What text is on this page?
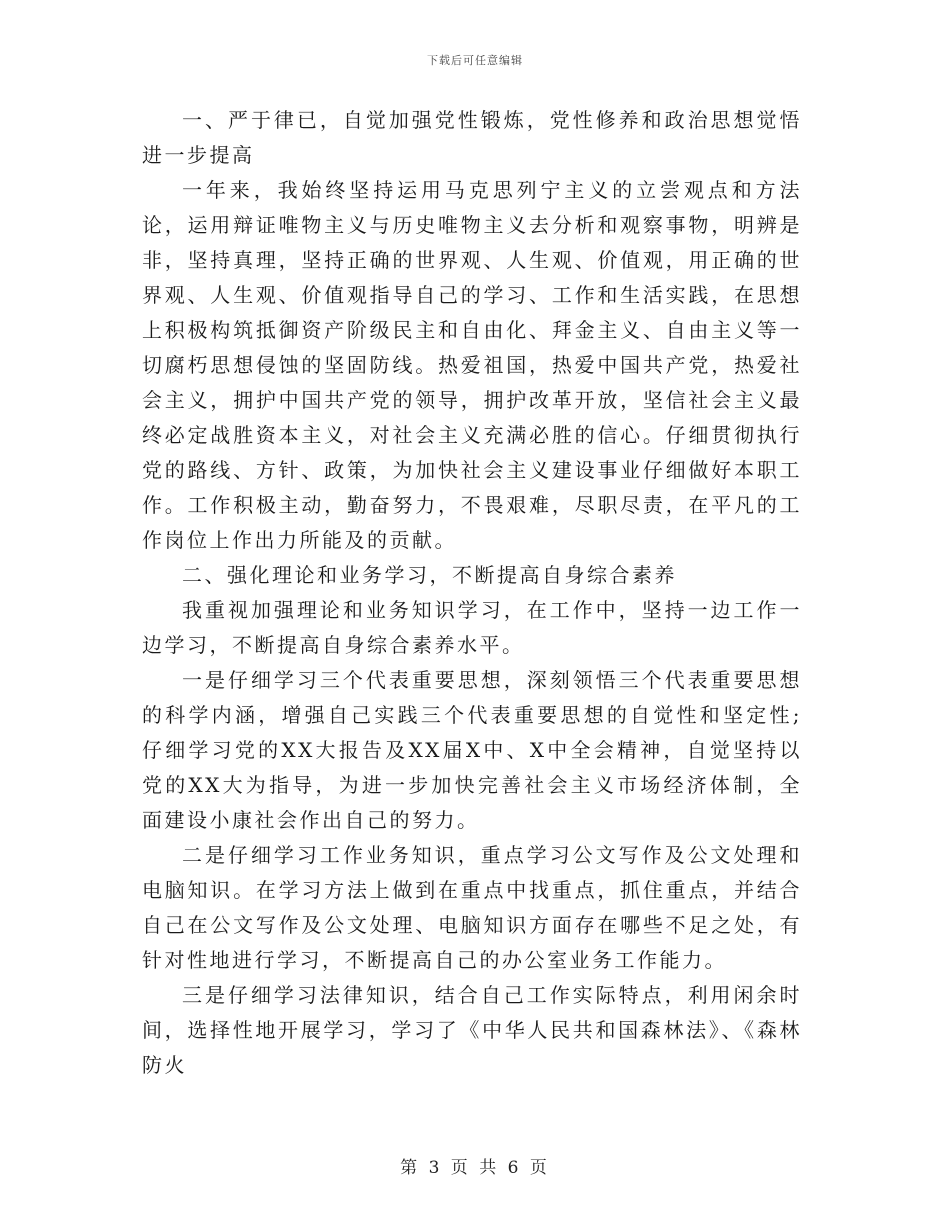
下载后可任意编辑

一、严于律已，自觉加强党性锻炼，党性修养和政治思想觉悟进一步提高

一年来，我始终坚持运用马克思列宁主义的立尝观点和方法论，运用辩证唯物主义与历史唯物主义去分析和观察事物，明辨是非，坚持真理，坚持正确的世界观、人生观、价值观，用正确的世界观、人生观、价值观指导自己的学习、工作和生活实践，在思想上积极构筑抵御资产阶级民主和自由化、拜金主义、自由主义等一切腐朽思想侵蚀的坚固防线。热爱祖国，热爱中国共产党，热爱社会主义，拥护中国共产党的领导，拥护改革开放，坚信社会主义最终必定战胜资本主义，对社会主义充满必胜的信心。仔细贯彻执行党的路线、方针、政策，为加快社会主义建设事业仔细做好本职工作。工作积极主动，勤奋努力，不畏艰难，尽职尽责，在平凡的工作岗位上作出力所能及的贡献。

二、强化理论和业务学习，不断提高自身综合素养

我重视加强理论和业务知识学习，在工作中，坚持一边工作一边学习，不断提高自身综合素养水平。

一是仔细学习三个代表重要思想，深刻领悟三个代表重要思想的科学内涵，增强自己实践三个代表重要思想的自觉性和坚定性;仔细学习党的XX大报告及XX届X中、X中全会精神，自觉坚持以党的XX大为指导，为进一步加快完善社会主义市场经济体制，全面建设小康社会作出自己的努力。

二是仔细学习工作业务知识，重点学习公文写作及公文处理和电脑知识。在学习方法上做到在重点中找重点，抓住重点，并结合自己在公文写作及公文处理、电脑知识方面存在哪些不足之处，有针对性地进行学习，不断提高自己的办公室业务工作能力。

三是仔细学习法律知识，结合自己工作实际特点，利用闲余时间，选择性地开展学习，学习了《中华人民共和国森林法》、《森林防火

第 3 页 共 6 页
